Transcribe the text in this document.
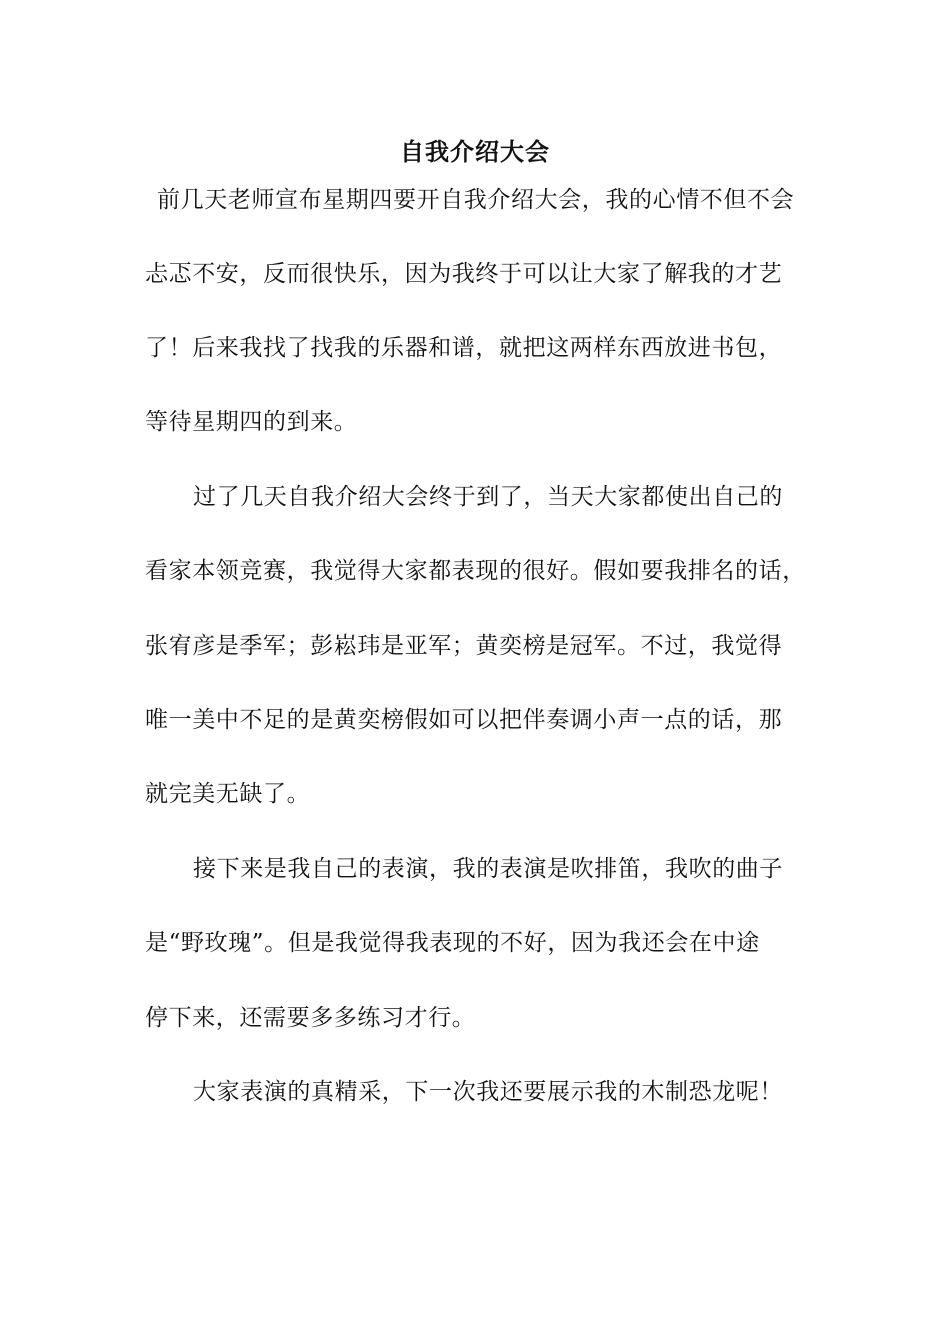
自我介绍大会
前几天老师宣布星期四要开自我介绍大会，我的心情不但不会
忐忑不安，反而很快乐，因为我终于可以让大家了解我的才艺
了！后来我找了找我的乐器和谱，就把这两样东西放进书包，
等待星期四的到来。
过了几天自我介绍大会终于到了，当天大家都使出自己的
看家本领竞赛，我觉得大家都表现的很好。假如要我排名的话，
张宥彦是季军；彭崧玮是亚军；黄奕榜是冠军。不过，我觉得
唯一美中不足的是黄奕榜假如可以把伴奏调小声一点的话，那
就完美无缺了。
接下来是我自己的表演，我的表演是吹排笛，我吹的曲子
是“野玫瑰”。但是我觉得我表现的不好，因为我还会在中途
停下来，还需要多多练习才行。
大家表演的真精采，下一次我还要展示我的木制恐龙呢！
